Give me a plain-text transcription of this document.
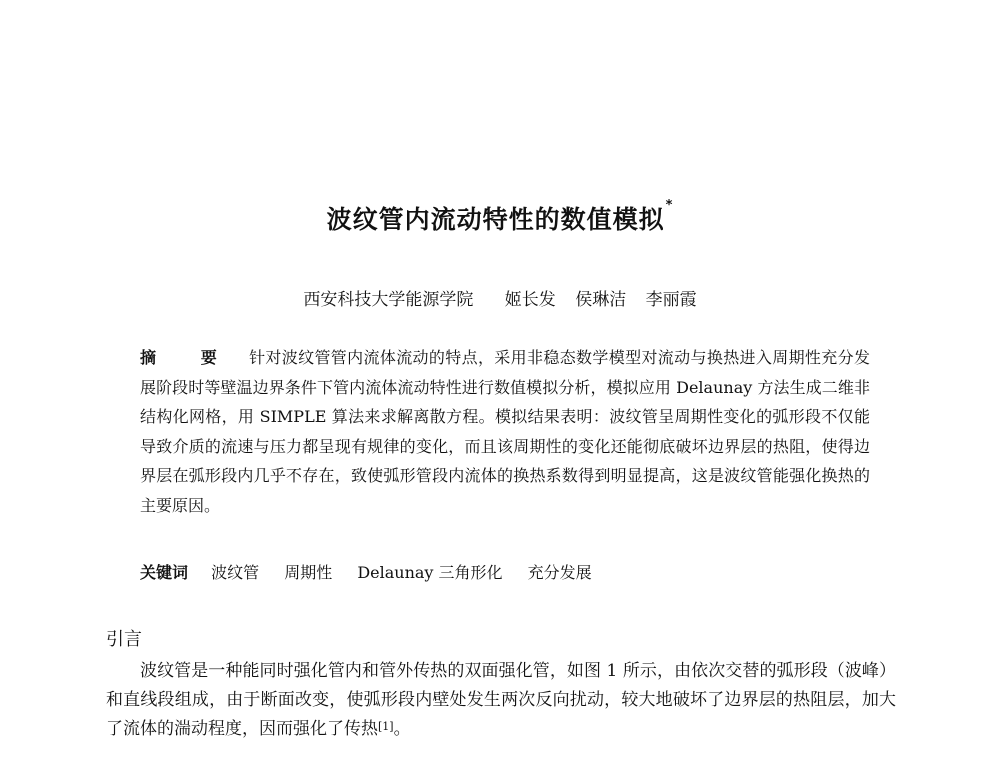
波纹管内流动特性的数值模拟*
西安科技大学能源学院 姬长发 侯琳洁 李丽霞
摘　要 针对波纹管管内流体流动的特点，采用非稳态数学模型对流动与换热进入周期性充分发展阶段时等壁温边界条件下管内流体流动特性进行数值模拟分析，模拟应用 Delaunay 方法生成二维非结构化网格，用 SIMPLE 算法来求解离散方程。模拟结果表明：波纹管呈周期性变化的弧形段不仅能导致介质的流速与压力都呈现有规律的变化，而且该周期性的变化还能彻底破坏边界层的热阻，使得边界层在弧形段内几乎不存在，致使弧形管段内流体的换热系数得到明显提高，这是波纹管能强化换热的主要原因。
关键词 波纹管 周期性 Delaunay 三角形化 充分发展
引言
波纹管是一种能同时强化管内和管外传热的双面强化管，如图 1 所示，由依次交替的弧形段（波峰）和直线段组成，由于断面改变，使弧形段内壁处发生两次反向扰动，较大地破坏了边界层的热阻层，加大了流体的湍动程度，因而强化了传热[1]。
